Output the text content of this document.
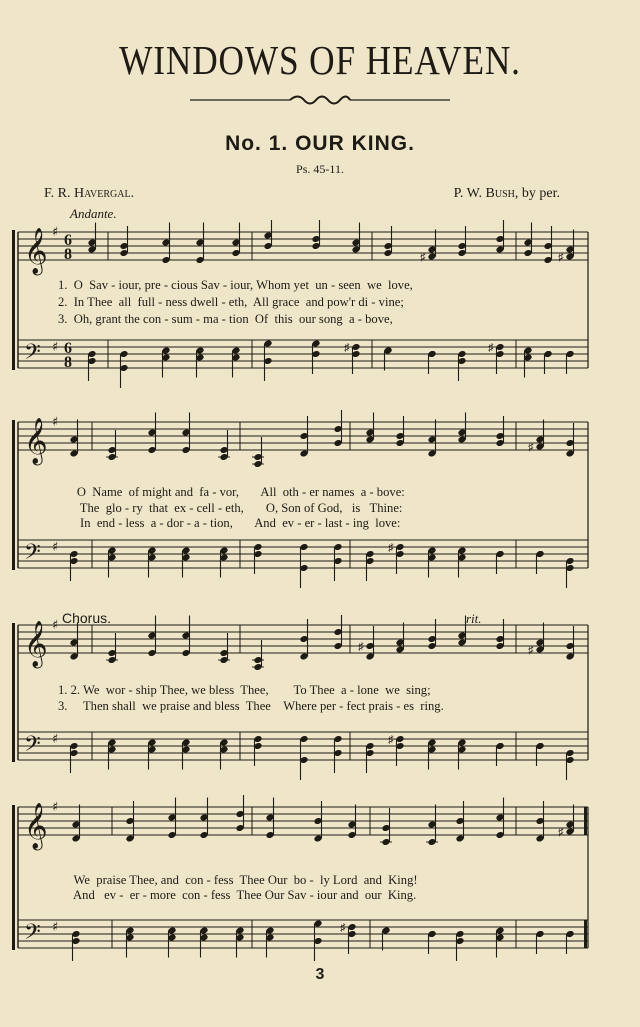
WINDOWS OF HEAVEN.
No. 1. OUR KING.
Ps. 45-11.
F. R. Havergal.	P. W. Bush, by per.
Andante.
Chorus.	rit.
𝄞
𝄢
♯
♯
6
8
6
8
♯	♯
♯	♯
𝄞
𝄢
♯
♯
♯
♯
𝄞
𝄢
♯
♯
♯	♯
♯
𝄞
𝄢
♯
♯
♯
♯
1.  O  Sav - iour, pre - cious Sav - iour, Whom yet  un - seen  we  love,
2.  In Thee  all  full - ness dwell - eth,  All grace  and pow'r di - vine;
3.  Oh, grant the con - sum - ma - tion  Of  this  our song  a - bove,
O  Name  of might and  fa - vor,       All  oth - er names  a - bove:
The  glo - ry  that  ex - cell - eth,       O, Son of God,   is   Thine:
In  end - less  a - dor - a - tion,       And  ev - er - last - ing  love:
1. 2. We  wor - ship Thee, we bless  Thee,        To Thee  a - lone  we  sing;
3.     Then shall  we praise and bless  Thee    Where per - fect prais - es  ring.
We  praise Thee, and  con - fess  Thee Our  bo -  ly Lord  and  King!
And   ev -  er - more  con - fess  Thee Our Sav - iour and  our  King.
3
